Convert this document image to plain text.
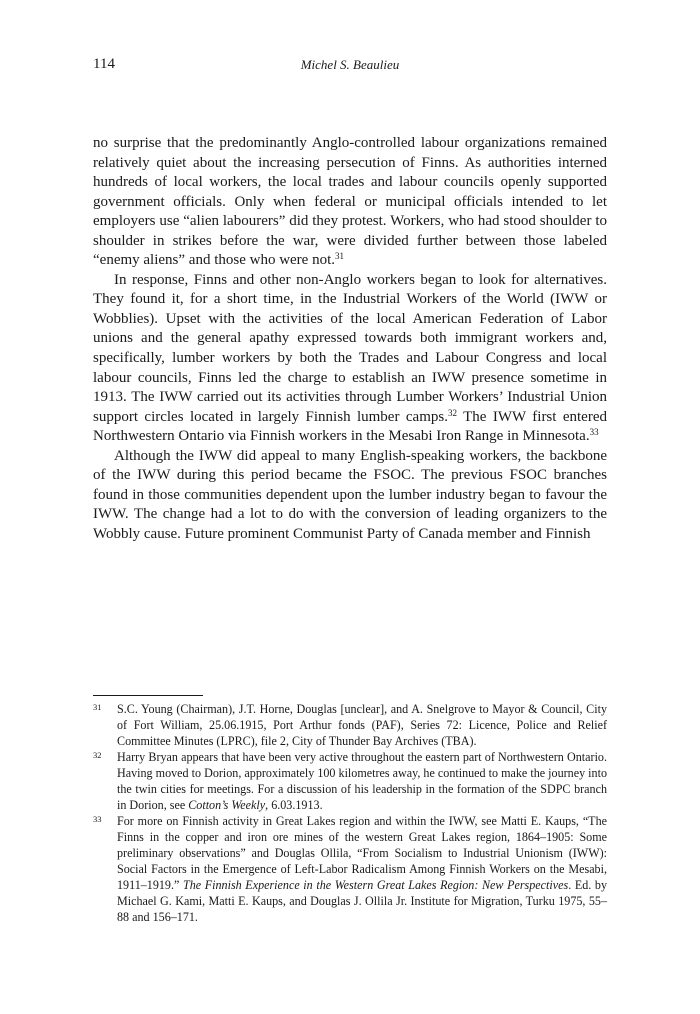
114	Michel S. Beaulieu

no surprise that the predominantly Anglo-controlled labour organizations remained relatively quiet about the increasing persecution of Finns. As authorities interned hundreds of local workers, the local trades and labour councils openly supported government officials. Only when federal or municipal officials intended to let employers use “alien labourers” did they protest. Workers, who had stood shoulder to shoulder in strikes before the war, were divided further between those labeled “enemy aliens” and those who were not.$^{31}$

In response, Finns and other non-Anglo workers began to look for alternatives. They found it, for a short time, in the Industrial Workers of the World (IWW or Wobblies). Upset with the activities of the local American Federation of Labor unions and the general apathy expressed towards both immigrant workers and, specifically, lumber workers by both the Trades and Labour Congress and local labour councils, Finns led the charge to establish an IWW presence sometime in 1913. The IWW carried out its activities through Lumber Workers’ Industrial Union support circles located in largely Finnish lumber camps.$^{32}$ The IWW first entered Northwestern Ontario via Finnish workers in the Mesabi Iron Range in Minnesota.$^{33}$

Although the IWW did appeal to many English-speaking workers, the backbone of the IWW during this period became the FSOC. The previous FSOC branches found in those communities dependent upon the lumber industry began to favour the IWW. The change had a lot to do with the conversion of leading organizers to the Wobbly cause. Future prominent Communist Party of Canada member and Finnish

31 S.C. Young (Chairman), J.T. Horne, Douglas [unclear], and A. Snelgrove to Mayor & Council, City of Fort William, 25.06.1915, Port Arthur fonds (PAF), Series 72: Licence, Police and Relief Committee Minutes (LPRC), file 2, City of Thunder Bay Archives (TBA).
32 Harry Bryan appears that have been very active throughout the eastern part of Northwestern Ontario. Having moved to Dorion, approximately 100 kilometres away, he continued to make the journey into the twin cities for meetings. For a discussion of his leadership in the formation of the SDPC branch in Dorion, see Cotton’s Weekly, 6.03.1913.
33 For more on Finnish activity in Great Lakes region and within the IWW, see Matti E. Kaups, “The Finns in the copper and iron ore mines of the western Great Lakes region, 1864–1905: Some preliminary observations” and Douglas Ollila, “From Socialism to Industrial Unionism (IWW): Social Factors in the Emergence of Left-Labor Radicalism Among Finnish Workers on the Mesabi, 1911–1919.” The Finnish Experience in the Western Great Lakes Region: New Perspectives. Ed. by Michael G. Kami, Matti E. Kaups, and Douglas J. Ollila Jr. Institute for Migration, Turku 1975, 55–88 and 156–171.
